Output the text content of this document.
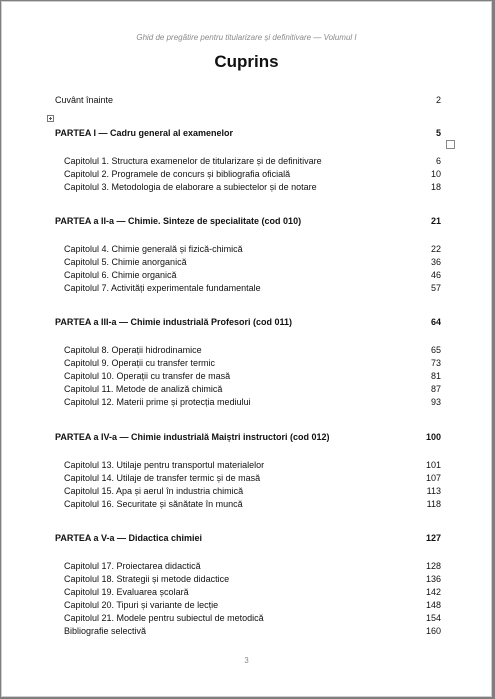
Ghid de pregătire pentru titularizare și definitivare — Volumul I
Cuprins
Cuvânt înainte	2
PARTEA I — Cadru general al examenelor	5
Capitolul 1. Structura examenelor de titularizare și de definitivare	6
Capitolul 2. Programele de concurs și bibliografia oficială	10
Capitolul 3. Metodologia de elaborare a subiectelor și de notare	18
PARTEA a II-a — Chimie. Sinteze de specialitate (cod 010)	21
Capitolul 4. Chimie generală și fizică-chimică	22
Capitolul 5. Chimie anorganică	36
Capitolul 6. Chimie organică	46
Capitolul 7. Activități experimentale fundamentale	57
PARTEA a III-a — Chimie industrială Profesori (cod 011)	64
Capitolul 8. Operații hidrodinamice	65
Capitolul 9. Operații cu transfer termic	73
Capitolul 10. Operații cu transfer de masă	81
Capitolul 11. Metode de analiză chimică	87
Capitolul 12. Materii prime și protecția mediului	93
PARTEA a IV-a — Chimie industrială Maiștri instructori (cod 012)	100
Capitolul 13. Utilaje pentru transportul materialelor	101
Capitolul 14. Utilaje de transfer termic și de masă	107
Capitolul 15. Apa și aerul în industria chimică	113
Capitolul 16. Securitate și sănătate în muncă	118
PARTEA a V-a — Didactica chimiei	127
Capitolul 17. Proiectarea didactică	128
Capitolul 18. Strategii și metode didactice	136
Capitolul 19. Evaluarea școlară	142
Capitolul 20. Tipuri și variante de lecție	148
Capitolul 21. Modele pentru subiectul de metodică	154
Bibliografie selectivă	160
3
